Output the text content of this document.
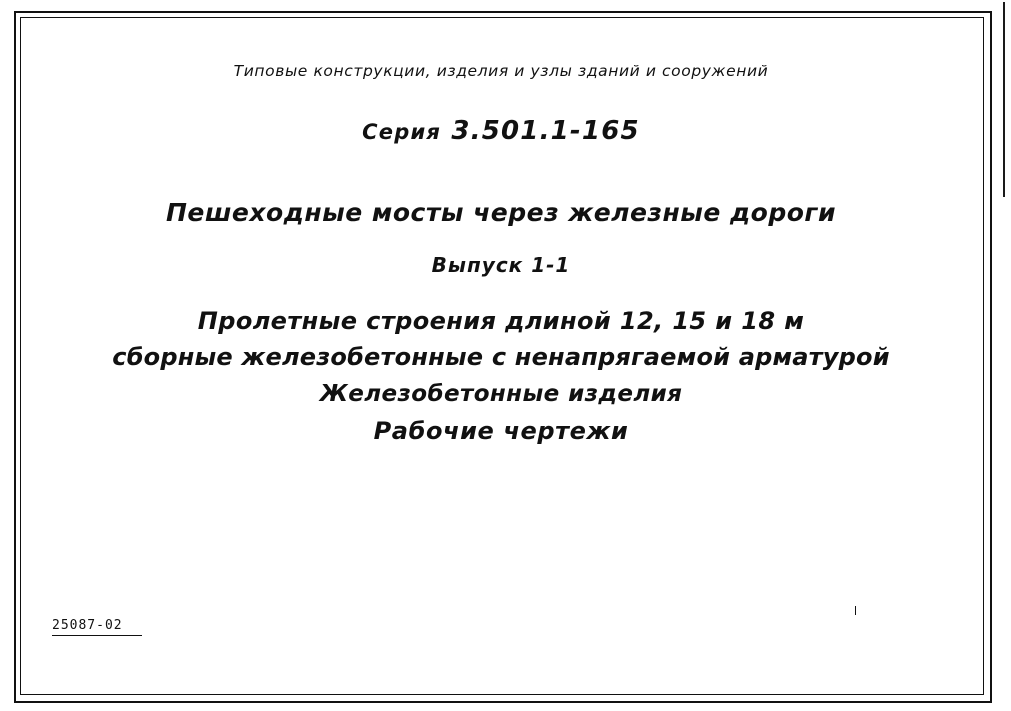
Типовые конструкции, изделия и узлы зданий и сооружений
Серия 3.501.1-165
Пешеходные мосты через железные дороги
Выпуск 1-1
Пролетные строения длиной 12, 15 и 18 м
сборные железобетонные с ненапрягаемой арматурой
Железобетонные изделия
Рабочие чертежи
25087-02
